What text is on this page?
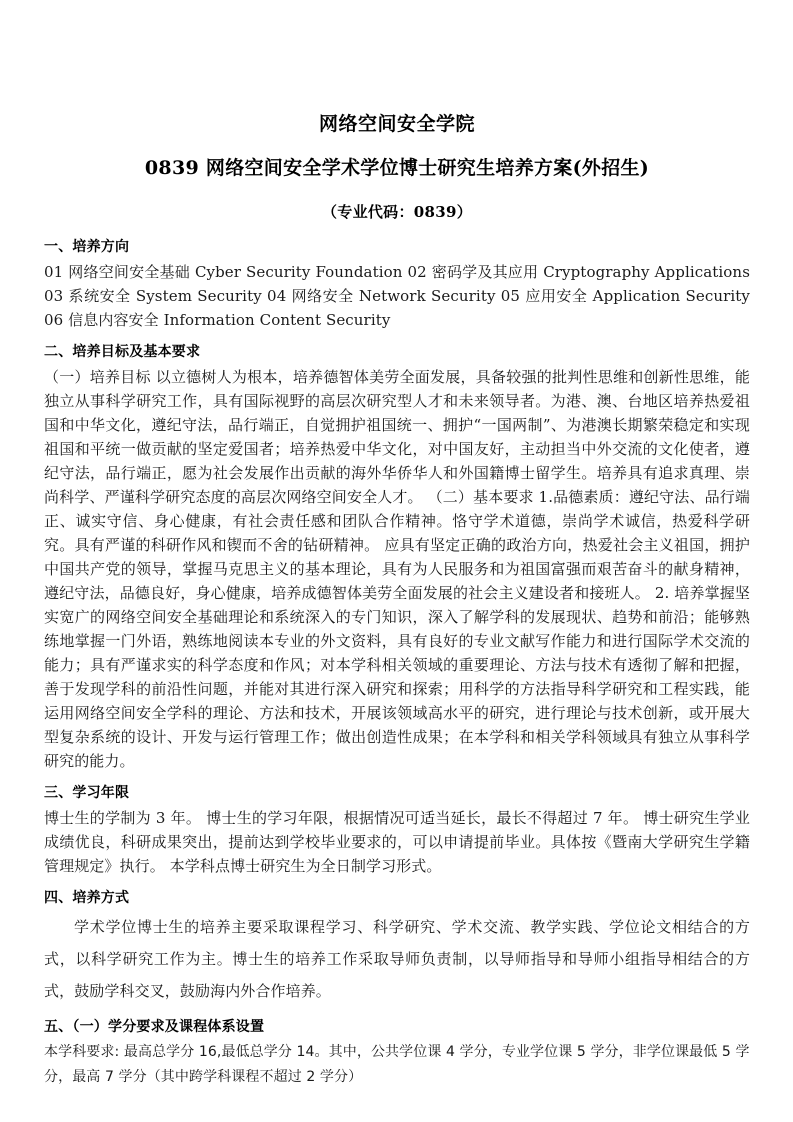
网络空间安全学院
0839 网络空间安全学术学位博士研究生培养方案(外招生)
（专业代码：0839）
一、培养方向

01 网络空间安全基础 Cyber Security Foundation 02 密码学及其应用 Cryptography Applications 03 系统安全 System Security 04 网络安全 Network Security 05 应用安全 Application Security 06 信息内容安全 Information Content Security

二、培养目标及基本要求

（一）培养目标 以立德树人为根本，培养德智体美劳全面发展，具备较强的批判性思维和创新性思维，能独立从事科学研究工作，具有国际视野的高层次研究型人才和未来领导者。为港、澳、台地区培养热爱祖国和中华文化，遵纪守法，品行端正，自觉拥护祖国统一、拥护“一国两制”、为港澳长期繁荣稳定和实现祖国和平统一做贡献的坚定爱国者；培养热爱中华文化，对中国友好，主动担当中外交流的文化使者，遵纪守法，品行端正，愿为社会发展作出贡献的海外华侨华人和外国籍博士留学生。培养具有追求真理、崇尚科学、严谨科学研究态度的高层次网络空间安全人才。 （二）基本要求 1.品德素质：遵纪守法、品行端正、诚实守信、身心健康，有社会责任感和团队合作精神。恪守学术道德，崇尚学术诚信，热爱科学研究。具有严谨的科研作风和锲而不舍的钻研精神。 应具有坚定正确的政治方向，热爱社会主义祖国，拥护中国共产党的领导，掌握马克思主义的基本理论，具有为人民服务和为祖国富强而艰苦奋斗的献身精神，遵纪守法，品德良好，身心健康，培养成德智体美劳全面发展的社会主义建设者和接班人。 2. 培养掌握坚实宽广的网络空间安全基础理论和系统深入的专门知识，深入了解学科的发展现状、趋势和前沿；能够熟练地掌握一门外语，熟练地阅读本专业的外文资料，具有良好的专业文献写作能力和进行国际学术交流的能力；具有严谨求实的科学态度和作风；对本学科相关领域的重要理论、方法与技术有透彻了解和把握，善于发现学科的前沿性问题，并能对其进行深入研究和探索；用科学的方法指导科学研究和工程实践，能运用网络空间安全学科的理论、方法和技术，开展该领域高水平的研究，进行理论与技术创新，或开展大型复杂系统的设计、开发与运行管理工作；做出创造性成果；在本学科和相关学科领域具有独立从事科学研究的能力。

三、学习年限

博士生的学制为 3 年。 博士生的学习年限，根据情况可适当延长，最长不得超过 7 年。 博士研究生学业成绩优良，科研成果突出，提前达到学校毕业要求的，可以申请提前毕业。具体按《暨南大学研究生学籍管理规定》执行。 本学科点博士研究生为全日制学习形式。

四、培养方式

学术学位博士生的培养主要采取课程学习、科学研究、学术交流、教学实践、学位论文相结合的方式，以科学研究工作为主。博士生的培养工作采取导师负责制，以导师指导和导师小组指导相结合的方式，鼓励学科交叉，鼓励海内外合作培养。

五、（一）学分要求及课程体系设置

本学科要求: 最高总学分 16,最低总学分 14。其中，公共学位课 4 学分，专业学位课 5 学分，非学位课最低 5 学分，最高 7 学分（其中跨学科课程不超过 2 学分）
